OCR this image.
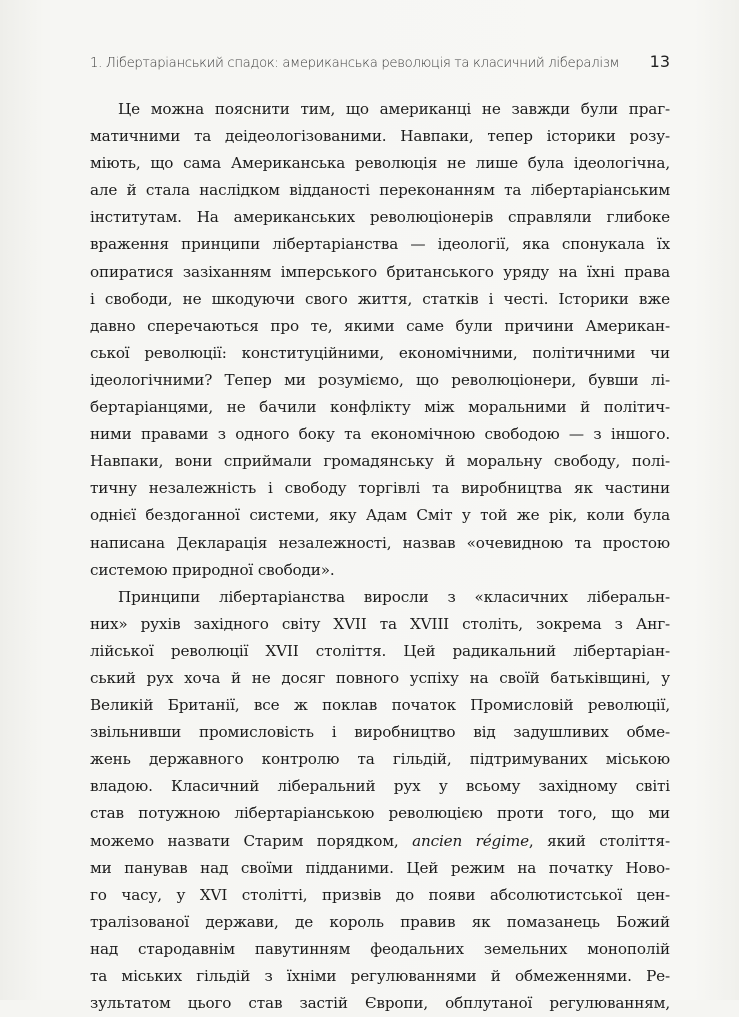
1. Лібертаріанський спадок: американська революція та класичний лібералізм 13

Це можна пояснити тим, що американці не завжди були праг-
матичними та деідеологізованими. Навпаки, тепер історики розу-
міють, що сама Американська революція не лише була ідеологічна,
але й стала наслідком відданості переконанням та лібертаріанським
інститутам. На американських революціонерів справляли глибоке
враження принципи лібертаріанства — ідеології, яка спонукала їх
опиратися зазіханням імперського британського уряду на їхні права
і свободи, не шкодуючи свого життя, статків і честі. Історики вже
давно сперечаються про те, якими саме були причини Американ-
ської революції: конституційними, економічними, політичними чи
ідеологічними? Тепер ми розуміємо, що революціонери, бувши лі-
бертаріанцями, не бачили конфлікту між моральними й політич-
ними правами з одного боку та економічною свободою — з іншого.
Навпаки, вони сприймали громадянську й моральну свободу, полі-
тичну незалежність і свободу торгівлі та виробництва як частини
однієї бездоганної системи, яку Адам Сміт у той же рік, коли була
написана Декларація незалежності, назвав «очевидною та простою
системою природної свободи».

Принципи лібертаріанства виросли з «класичних ліберальн-
них» рухів західного світу XVII та XVIII століть, зокрема з Анг-
лійської революції XVII століття. Цей радикальний лібертаріан-
ський рух хоча й не досяг повного успіху на своїй батьківщині, у
Великій Британії, все ж поклав початок Промисловій революції,
звільнивши промисловість і виробництво від задушливих обме-
жень державного контролю та гільдій, підтримуваних міською
владою. Класичний ліберальний рух у всьому західному світі
став потужною лібертаріанською революцією проти того, що ми
можемо назвати Старим порядком, ancien régime, який століття-
ми панував над своїми підданими. Цей режим на початку Ново-
го часу, у XVI столітті, призвів до появи абсолютистської цен-
тралізованої держави, де король правив як помазанець Божий
над стародавнім павутинням феодальних земельних монополій
та міських гільдій з їхніми регулюваннями й обмеженнями. Ре-
зультатом цього став застій Європи, обплутаної регулюванням,
